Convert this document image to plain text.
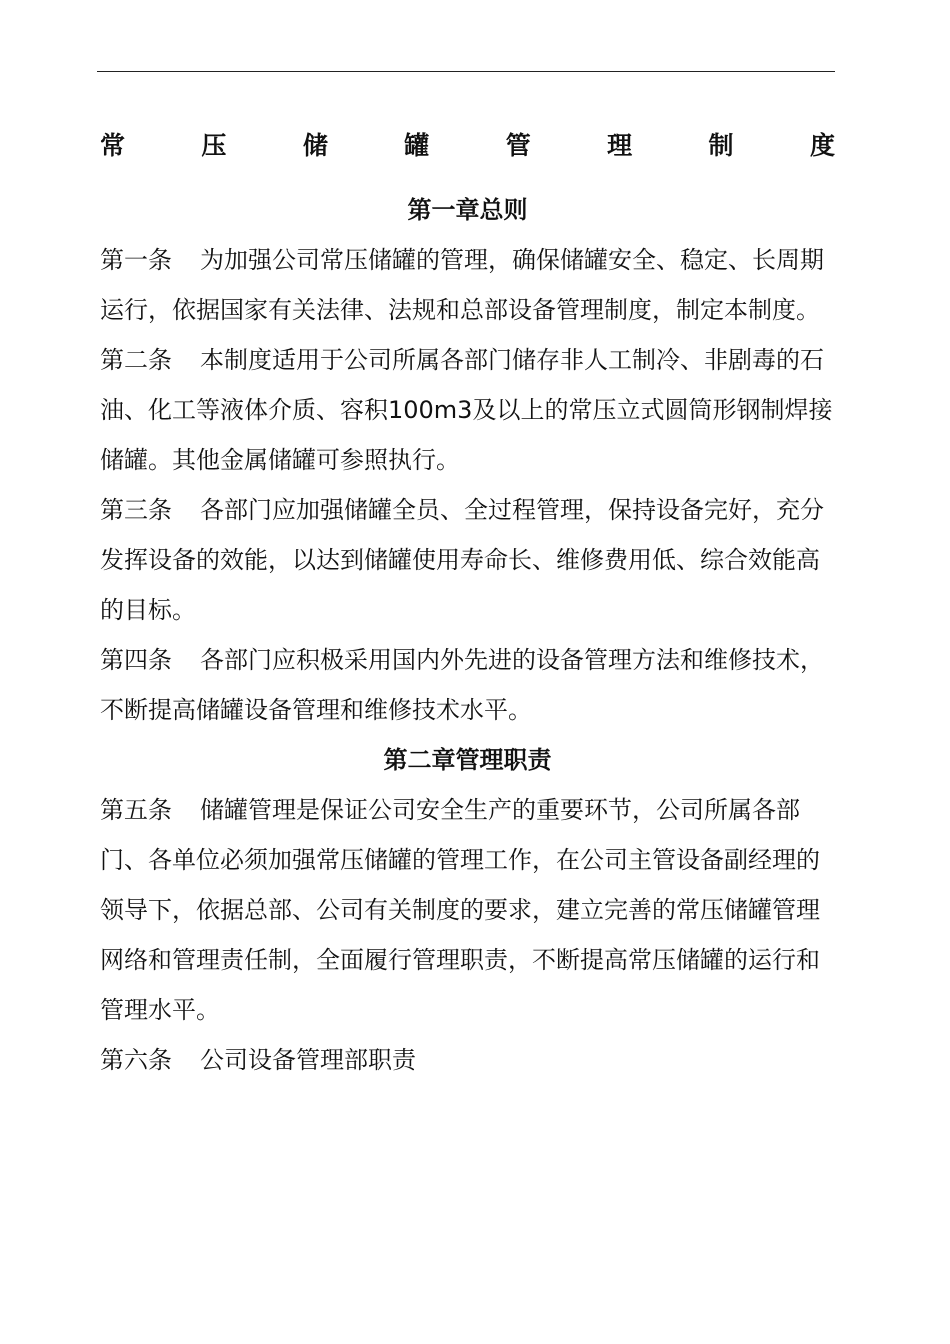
常	压	储	罐	管	理	制	度
第一章总则

第一条 为加强公司常压储罐的管理，确保储罐安全、稳定、长周期运行，依据国家有关法律、法规和总部设备管理制度，制定本制度。

第二条 本制度适用于公司所属各部门储存非人工制冷、非剧毒的石油、化工等液体介质、容积100m3及以上的常压立式圆筒形钢制焊接储罐。其他金属储罐可参照执行。

第三条 各部门应加强储罐全员、全过程管理，保持设备完好，充分发挥设备的效能，以达到储罐使用寿命长、维修费用低、综合效能高的目标。

第四条 各部门应积极采用国内外先进的设备管理方法和维修技术，不断提高储罐设备管理和维修技术水平。

第二章管理职责

第五条 储罐管理是保证公司安全生产的重要环节，公司所属各部门、各单位必须加强常压储罐的管理工作，在公司主管设备副经理的领导下，依据总部、公司有关制度的要求，建立完善的常压储罐管理网络和管理责任制，全面履行管理职责，不断提高常压储罐的运行和管理水平。

第六条 公司设备管理部职责
